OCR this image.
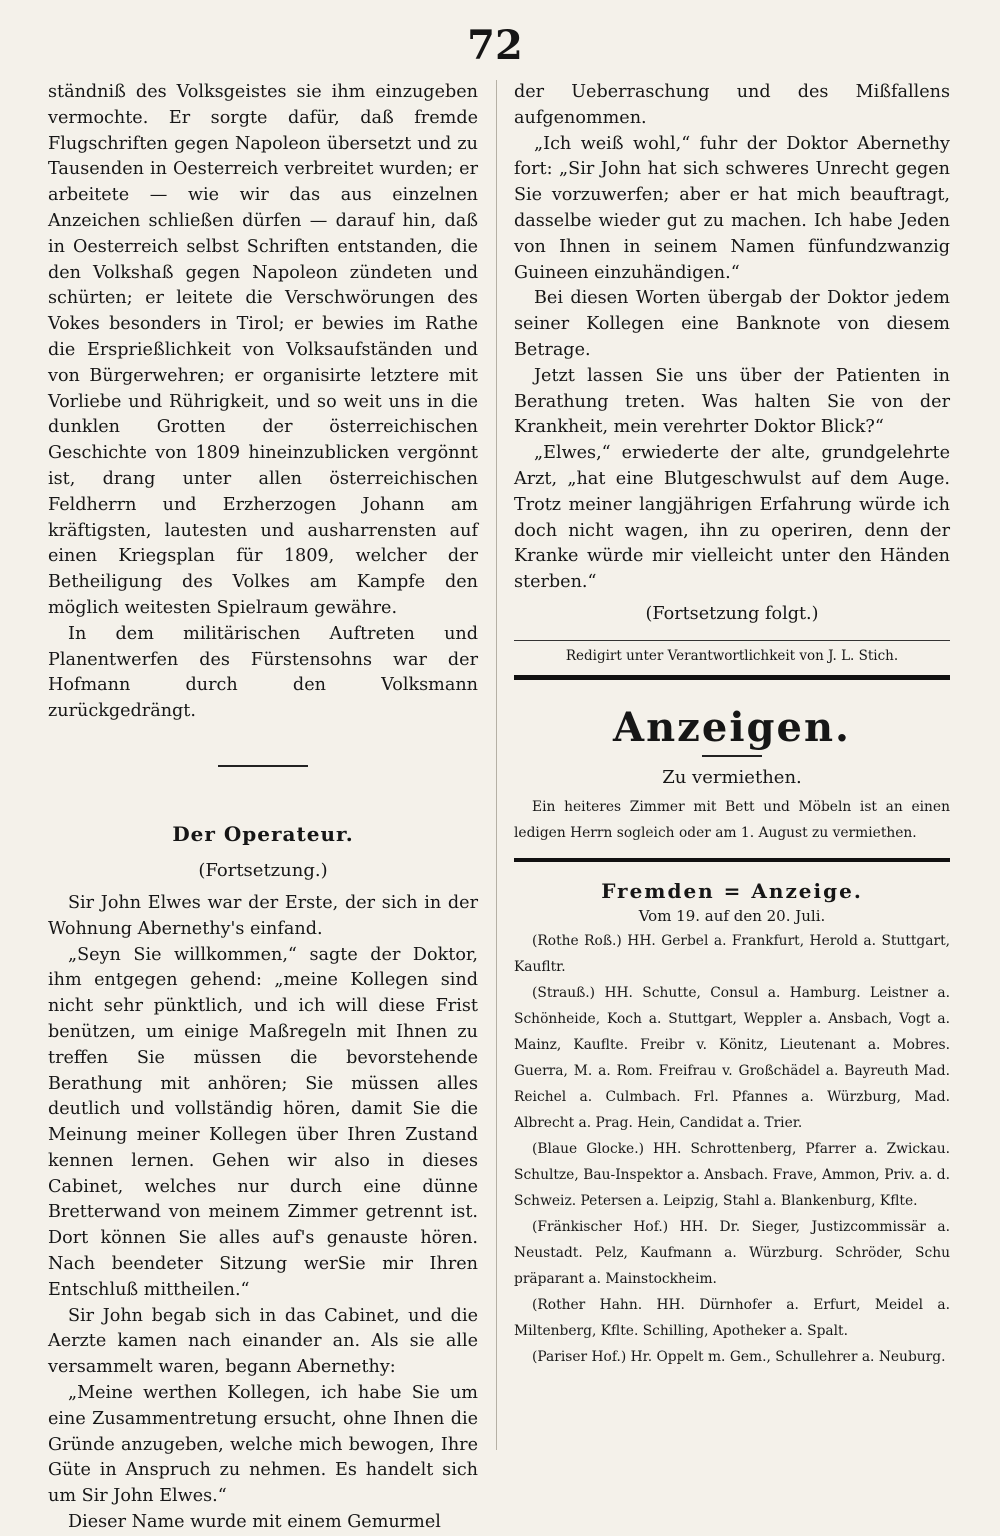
72

ständniß des Volksgeistes sie ihm einzugeben vermochte. Er sorgte dafür, daß fremde Flugschriften gegen Napoleon übersetzt und zu Tausenden in Oesterreich verbreitet wurden; er arbeitete — wie wir das aus einzelnen Anzeichen schließen dürfen — darauf hin, daß in Oesterreich selbst Schriften entstanden, die den Volkshaß gegen Napoleon zündeten und schürten; er leitete die Verschwörungen des Vokes besonders in Tirol; er bewies im Rathe die Ersprießlichkeit von Volksaufständen und von Bürgerwehren; er organisirte letztere mit Vorliebe und Rührigkeit, und so weit uns in die dunklen Grotten der österreichischen Geschichte von 1809 hineinzublicken vergönnt ist, drang unter allen österreichischen Feldherrn und Erzherzogen Johann am kräftigsten, lautesten und ausharrensten auf einen Kriegsplan für 1809, welcher der Betheiligung des Volkes am Kampfe den möglich weitesten Spielraum gewähre.

In dem militärischen Auftreten und Planentwerfen des Fürstensohns war der Hofmann durch den Volksmann zurückgedrängt.

Der Operateur.
(Fortsetzung.)

Sir John Elwes war der Erste, der sich in der Wohnung Abernethy's einfand.

„Seyn Sie willkommen,“ sagte der Doktor, ihm entgegen gehend: „meine Kollegen sind nicht sehr pünktlich, und ich will diese Frist benützen, um einige Maßregeln mit Ihnen zu treffen Sie müssen die bevorstehende Berathung mit anhören; Sie müssen alles deutlich und vollständig hören, damit Sie die Meinung meiner Kollegen über Ihren Zustand kennen lernen. Gehen wir also in dieses Cabinet, welches nur durch eine dünne Bretterwand von meinem Zimmer getrennt ist. Dort können Sie alles auf's genauste hören. Nach beendeter Sitzung werSie mir Ihren Entschluß mittheilen.“

Sir John begab sich in das Cabinet, und die Aerzte kamen nach einander an. Als sie alle versammelt waren, begann Abernethy:

„Meine werthen Kollegen, ich habe Sie um eine Zusammentretung ersucht, ohne Ihnen die Gründe anzugeben, welche mich bewogen, Ihre Güte in Anspruch zu nehmen. Es handelt sich um Sir John Elwes.“

Dieser Name wurde mit einem Gemurmel

der Ueberraschung und des Mißfallens aufgenommen.

„Ich weiß wohl,“ fuhr der Doktor Abernethy fort: „Sir John hat sich schweres Unrecht gegen Sie vorzuwerfen; aber er hat mich beauftragt, dasselbe wieder gut zu machen. Ich habe Jeden von Ihnen in seinem Namen fünfundzwanzig Guineen einzuhändigen.“

Bei diesen Worten übergab der Doktor jedem seiner Kollegen eine Banknote von diesem Betrage.

Jetzt lassen Sie uns über der Patienten in Berathung treten. Was halten Sie von der Krankheit, mein verehrter Doktor Blick?“

„Elwes,“ erwiederte der alte, grundgelehrte Arzt, „hat eine Blutgeschwulst auf dem Auge. Trotz meiner langjährigen Erfahrung würde ich doch nicht wagen, ihn zu operiren, denn der Kranke würde mir vielleicht unter den Händen sterben.“

(Fortsetzung folgt.)
Redigirt unter Verantwortlichkeit von J. L. Stich.
Anzeigen.
Zu vermiethen.

Ein heiteres Zimmer mit Bett und Möbeln ist an einen ledigen Herrn sogleich oder am 1. August zu vermiethen.

Fremden = Anzeige.
Vom 19. auf den 20. Juli.

(Rothe Roß.) HH. Gerbel a. Frankfurt, Herold a. Stuttgart, Kaufltr.

(Strauß.) HH. Schutte, Consul a. Hamburg. Leistner a. Schönheide, Koch a. Stuttgart, Weppler a. Ansbach, Vogt a. Mainz, Kauflte. Freibr v. Könitz, Lieutenant a. Mobres. Guerra, M. a. Rom. Freifrau v. Großchädel a. Bayreuth Mad. Reichel a. Culmbach. Frl. Pfannes a. Würzburg, Mad. Albrecht a. Prag. Hein, Candidat a. Trier.

(Blaue Glocke.) HH. Schrottenberg, Pfarrer a. Zwickau. Schultze, Bau-Inspektor a. Ansbach. Frave, Ammon, Priv. a. d. Schweiz. Petersen a. Leipzig, Stahl a. Blankenburg, Kflte.

(Fränkischer Hof.) HH. Dr. Sieger, Justizcommissär a. Neustadt. Pelz, Kaufmann a. Würzburg. Schröder, Schu präparant a. Mainstockheim.

(Rother Hahn. HH. Dürnhofer a. Erfurt, Meidel a. Miltenberg, Kflte. Schilling, Apotheker a. Spalt.

(Pariser Hof.) Hr. Oppelt m. Gem., Schullehrer a. Neuburg.
